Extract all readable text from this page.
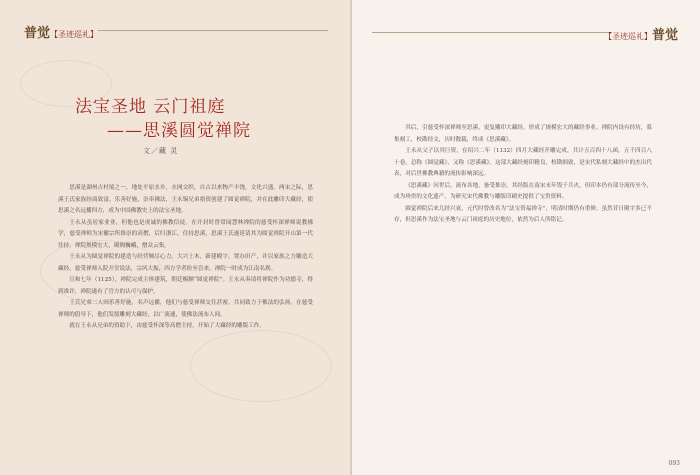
普觉【圣迹巡礼】
法宝圣地 云门祖庭
——思溪圆觉禅院
文／藏 灵

思溪是湖州吉村境之一，地处平原水乡，水网交织，自古以来物产丰饶，文化兴盛。两宋之际，思溪王氏家族经商致富，乐善好施，崇奉佛法，王永锡兄弟捐资创建了圆觉禅院，并在此雕印大藏经，使思溪之名远播四方，成为中国佛教史上的法宝圣地。

王永从虽居家业业，但他也是虔诚的佛教信徒。在开封时曾常闻慧林禅院的慈受怀深禅师说教佛学，慈受禅师为宋徽宗所推崇的高僧，后归浙江，住持思溪，思溪王氏遂延请其为圆觉禅院开山第一代住持。禅院规模宏大，殿阁巍峨，僧众云集。

王永从为圆觉禅院的建造与经营倾尽心力，大兴土木，新建殿宇，置办田产，并以家族之力雕造大藏经。慈受禅师入院开堂说法，宗风大振，四方学者纷至沓来，禅院一时成为江南名刹。

宣和七年（1125），禅院完成主体建筑，朝廷赐额“圆觉禅院”。王永从奏请将禅院作为功德寺，得到准许，禅院遂有了官方的认可与保护。

王氏兄弟二人因乐善好施，名声远播，他们与慈受禅师交往甚密，共同致力于佛法的弘扬。在慈受禅师的倡导下，他们发愿雕刻大藏经，以广流通，使佛法流布人间。

就在王永从兄弟的资助下，由慈受怀深等高僧主持，开始了大藏经的雕版工作。

【圣迹巡礼】普觉

其后，引慈受怀深禅师至思溪，更复雕印大藏经，形成了规模宏大的藏经事业。禅院内设有经坊，募集刻工，校勘经文，历时数载，终成《思溪藏》。

王永从父子以其巨资，在绍兴二年（1132）四月大藏经开雕完成，共计五百四十八函，五千四百八十卷，总称《圆觉藏》，又称《思溪藏》。这部大藏经刻印精良，校勘细致，是宋代私刻大藏经中的杰出代表，对后世佛教典籍的流传影响深远。

《思溪藏》问世后，流布各地，备受推崇。其经版在南宋末年毁于兵火，但印本仍有部分流传至今，成为珍贵的文化遗产，为研究宋代佛教与雕版印刷史提供了宝贵资料。

圆觉禅院后来几经兴衰，元代时曾改名为“法宝资福禅寺”，明清时期仍有重修。虽然昔日殿宇多已不存，但思溪作为法宝圣地与云门祖庭的历史地位，依然为后人所铭记。

093
